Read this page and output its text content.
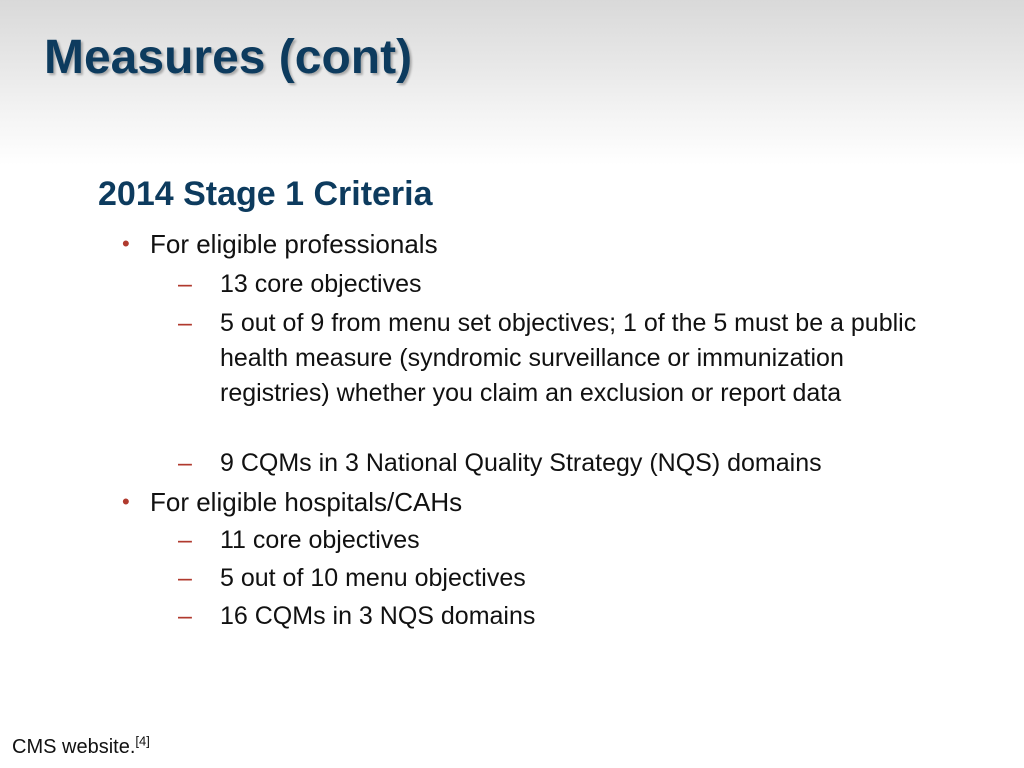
Measures (cont)
2014 Stage 1 Criteria
• For eligible professionals
– 13 core objectives
– 5 out of 9 from menu set objectives; 1 of the 5 must be a public health measure (syndromic surveillance or immunization registries) whether you claim an exclusion or report data
– 9 CQMs in 3 National Quality Strategy (NQS) domains
• For eligible hospitals/CAHs
– 11 core objectives
– 5 out of 10 menu objectives
– 16 CQMs in 3 NQS domains
CMS website.[4]
